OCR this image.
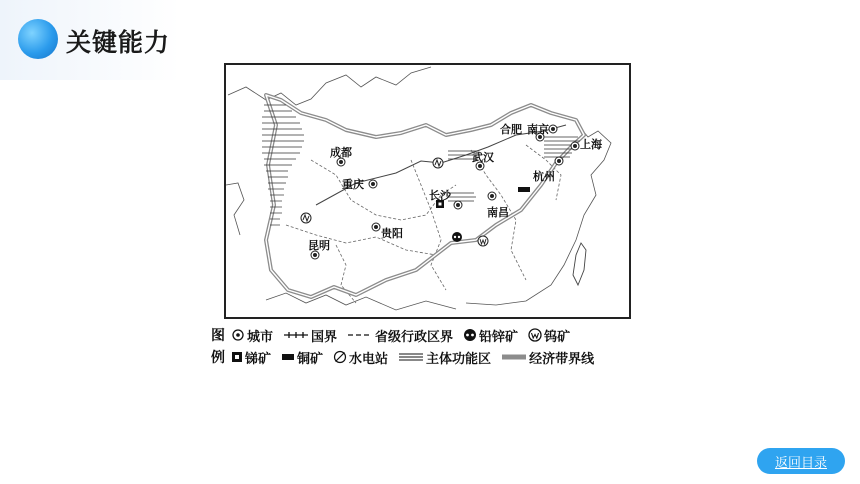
关键能力
合肥 南京
上海
成都	武汉
重庆
杭州
长沙
南昌
贵阳
昆明
图 城市	国界	省级行政区界 铅锌矿 钨矿
例 锑矿 铜矿 水电站	主体功能区	经济带界线
返回目录
